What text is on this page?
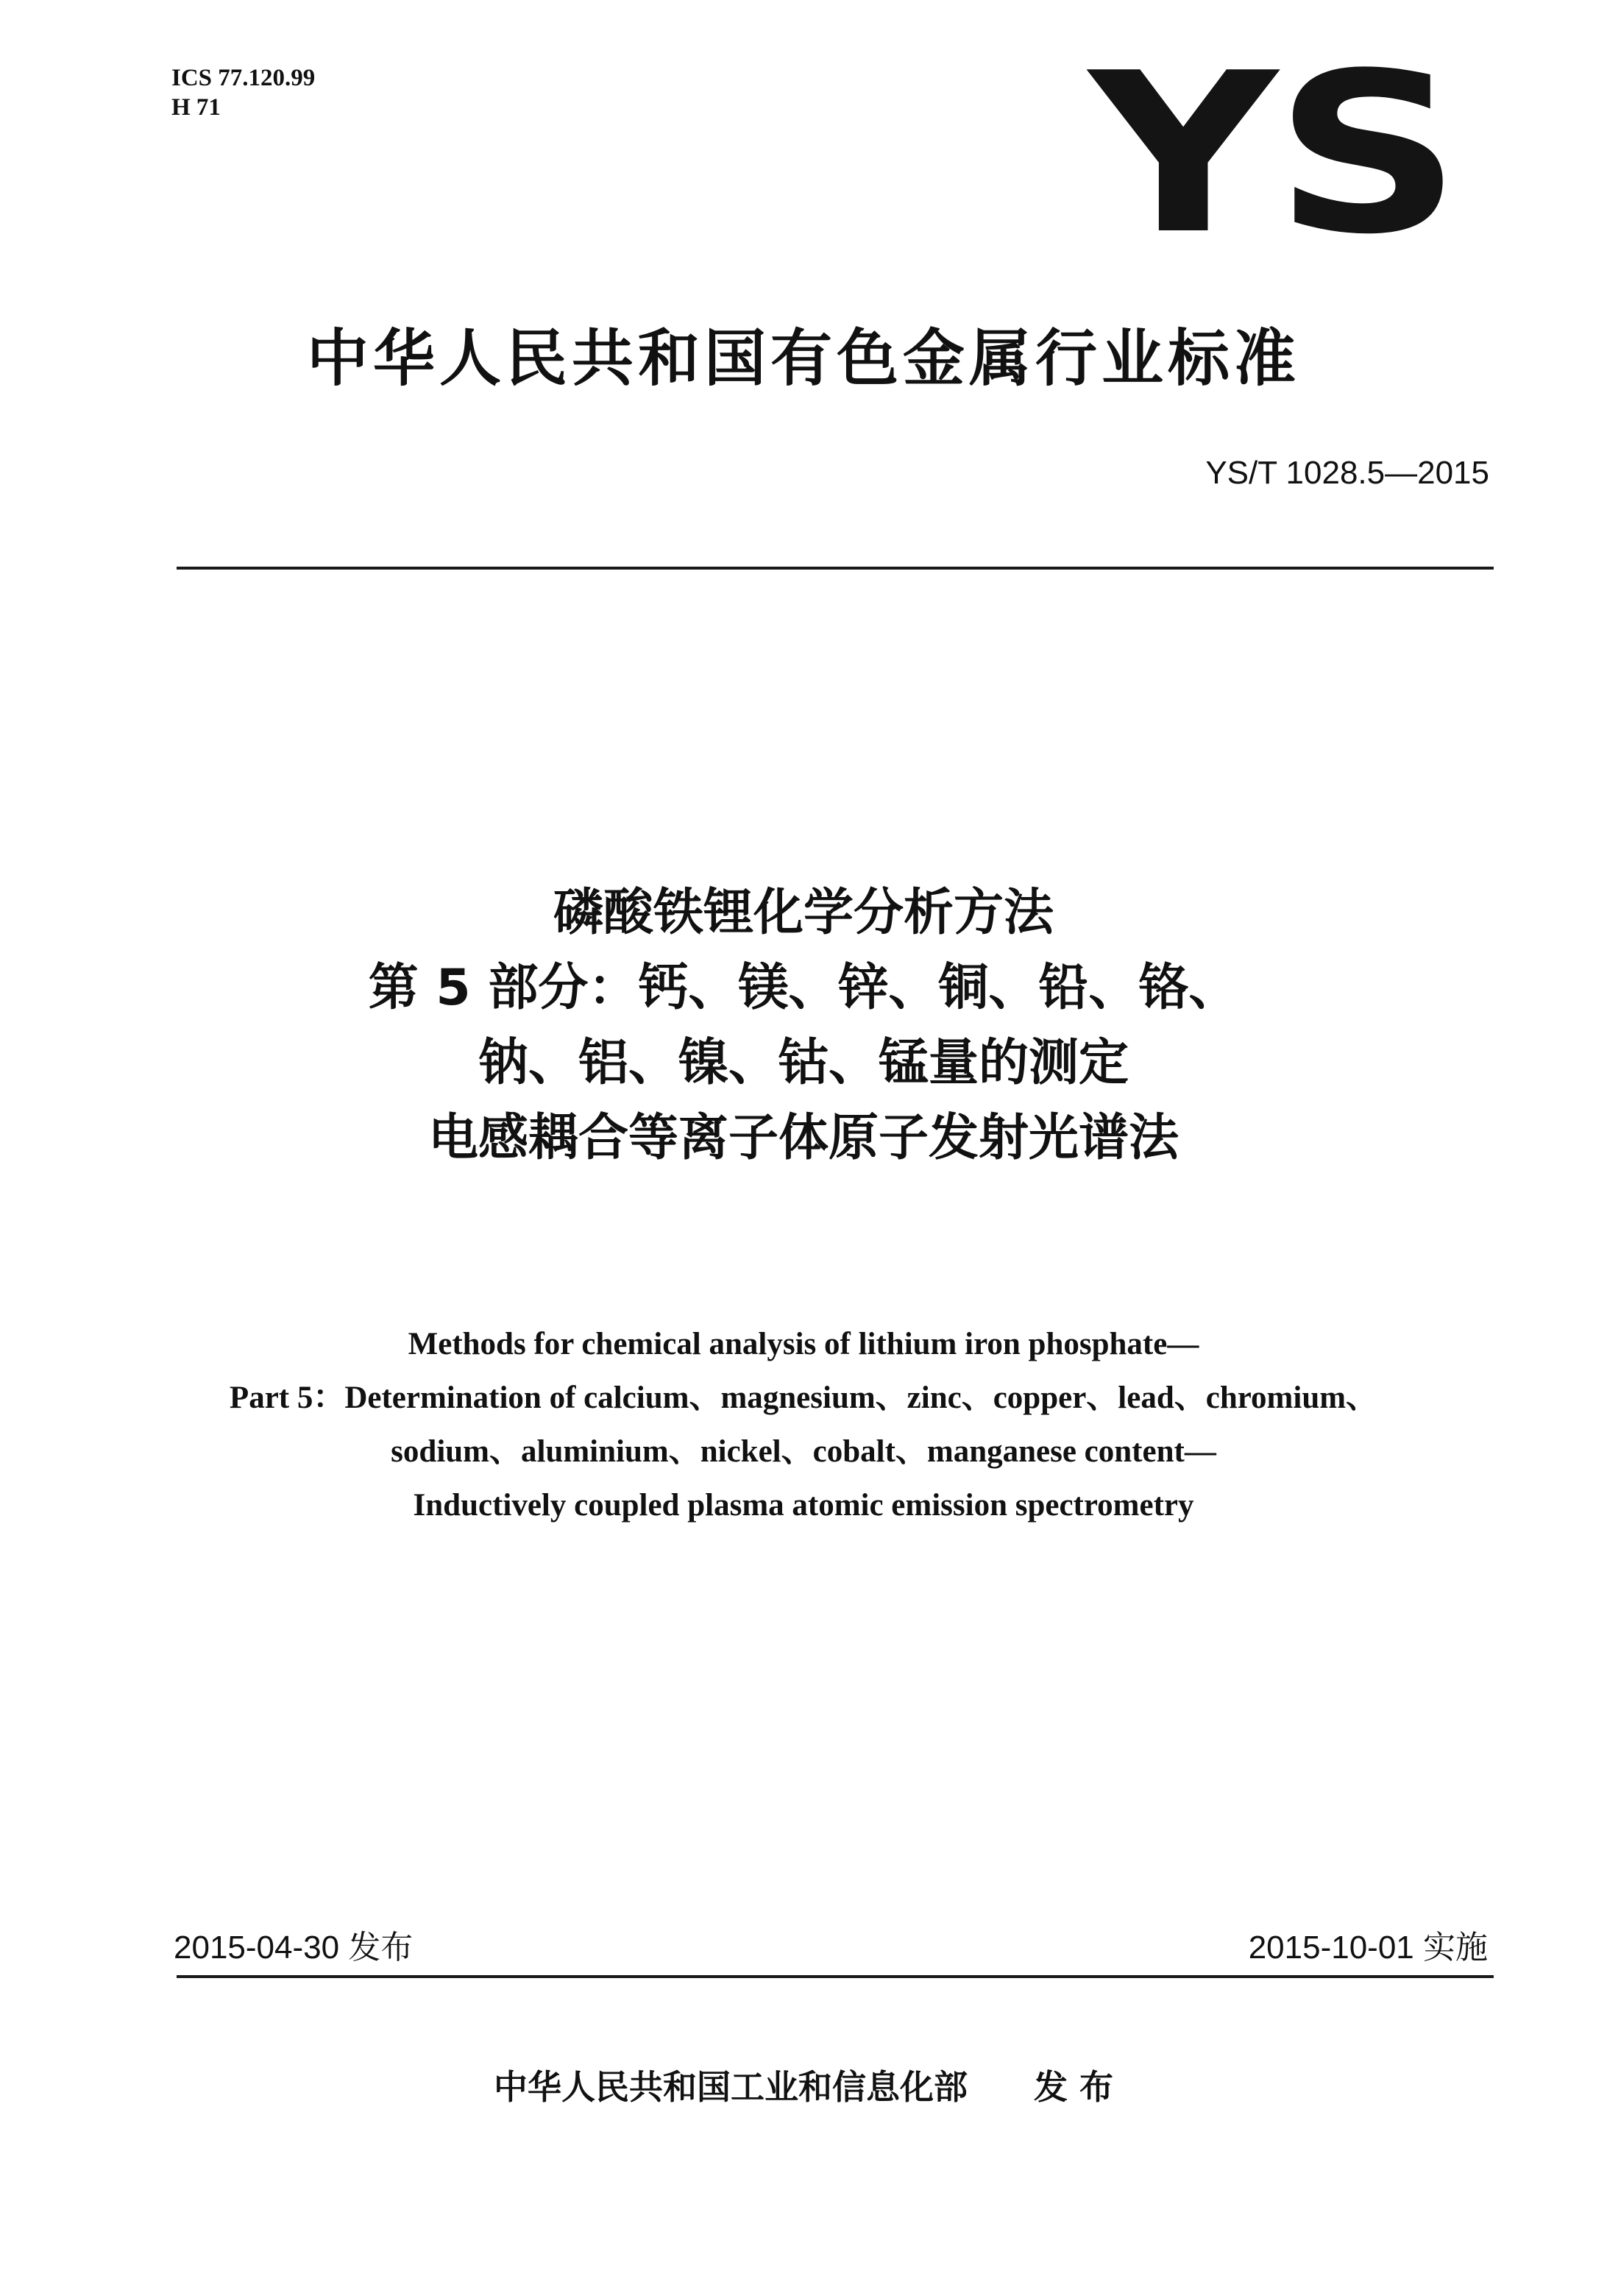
ICS 77.120.99
H 71	YS
中华人民共和国有色金属行业标准
YS/T 1028.5—2015
磷酸铁锂化学分析方法
第 5 部分：钙、镁、锌、铜、铅、铬、
钠、铝、镍、钴、锰量的测定
电感耦合等离子体原子发射光谱法
Methods for chemical analysis of lithium iron phosphate—
Part 5：Determination of calcium、magnesium、zinc、copper、lead、chromium、
sodium、aluminium、nickel、cobalt、manganese content—
Inductively coupled plasma atomic emission spectrometry
2015-04-30 发布	2015-10-01 实施
中华人民共和国工业和信息化部 发 布
